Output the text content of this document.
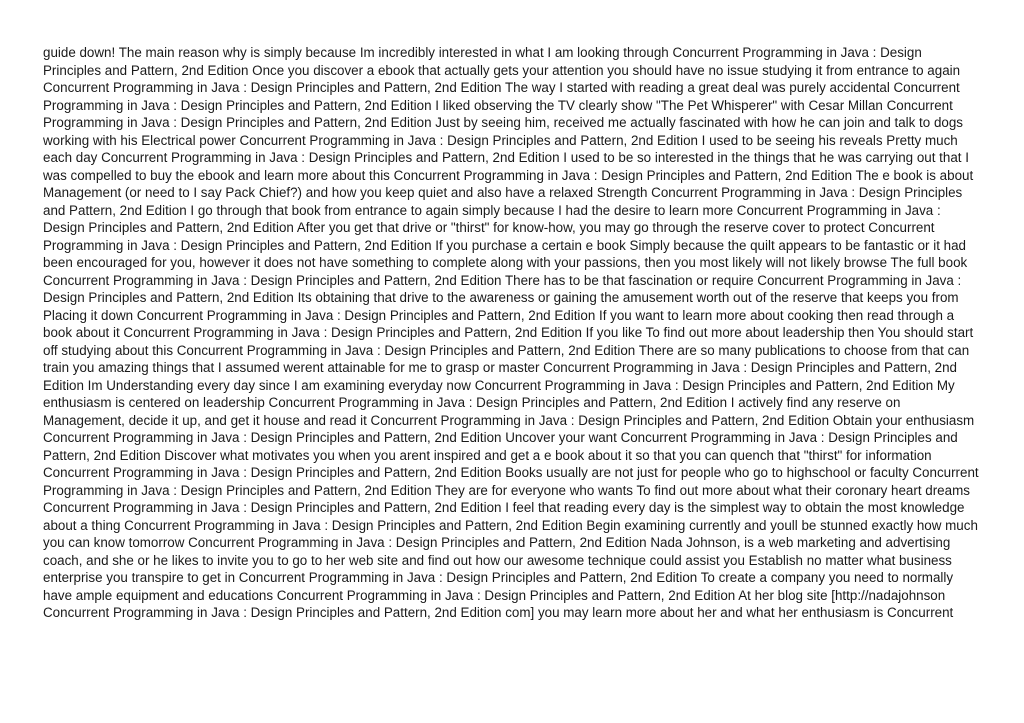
guide down! The main reason why is simply because Im incredibly interested in what I am looking through Concurrent Programming in Java : Design Principles and Pattern, 2nd Edition Once you discover a ebook that actually gets your attention you should have no issue studying it from entrance to again Concurrent Programming in Java : Design Principles and Pattern, 2nd Edition The way I started with reading a great deal was purely accidental Concurrent Programming in Java : Design Principles and Pattern, 2nd Edition I liked observing the TV clearly show "The Pet Whisperer" with Cesar Millan Concurrent Programming in Java : Design Principles and Pattern, 2nd Edition Just by seeing him, received me actually fascinated with how he can join and talk to dogs working with his Electrical power Concurrent Programming in Java : Design Principles and Pattern, 2nd Edition I used to be seeing his reveals Pretty much each day Concurrent Programming in Java : Design Principles and Pattern, 2nd Edition I used to be so interested in the things that he was carrying out that I was compelled to buy the ebook and learn more about this Concurrent Programming in Java : Design Principles and Pattern, 2nd Edition The e book is about Management (or need to I say Pack Chief?) and how you keep quiet and also have a relaxed Strength Concurrent Programming in Java : Design Principles and Pattern, 2nd Edition I go through that book from entrance to again simply because I had the desire to learn more Concurrent Programming in Java : Design Principles and Pattern, 2nd Edition After you get that drive or "thirst" for know-how, you may go through the reserve cover to protect Concurrent Programming in Java : Design Principles and Pattern, 2nd Edition If you purchase a certain e book Simply because the quilt appears to be fantastic or it had been encouraged for you, however it does not have something to complete along with your passions, then you most likely will not likely browse The full book Concurrent Programming in Java : Design Principles and Pattern, 2nd Edition There has to be that fascination or require Concurrent Programming in Java : Design Principles and Pattern, 2nd Edition Its obtaining that drive to the awareness or gaining the amusement worth out of the reserve that keeps you from Placing it down Concurrent Programming in Java : Design Principles and Pattern, 2nd Edition If you want to learn more about cooking then read through a book about it Concurrent Programming in Java : Design Principles and Pattern, 2nd Edition If you like To find out more about leadership then You should start off studying about this Concurrent Programming in Java : Design Principles and Pattern, 2nd Edition There are so many publications to choose from that can train you amazing things that I assumed werent attainable for me to grasp or master Concurrent Programming in Java : Design Principles and Pattern, 2nd Edition Im Understanding every day since I am examining everyday now Concurrent Programming in Java : Design Principles and Pattern, 2nd Edition My enthusiasm is centered on leadership Concurrent Programming in Java : Design Principles and Pattern, 2nd Edition I actively find any reserve on Management, decide it up, and get it house and read it Concurrent Programming in Java : Design Principles and Pattern, 2nd Edition Obtain your enthusiasm Concurrent Programming in Java : Design Principles and Pattern, 2nd Edition Uncover your want Concurrent Programming in Java : Design Principles and Pattern, 2nd Edition Discover what motivates you when you arent inspired and get a e book about it so that you can quench that "thirst" for information Concurrent Programming in Java : Design Principles and Pattern, 2nd Edition Books usually are not just for people who go to highschool or faculty Concurrent Programming in Java : Design Principles and Pattern, 2nd Edition They are for everyone who wants To find out more about what their coronary heart dreams Concurrent Programming in Java : Design Principles and Pattern, 2nd Edition I feel that reading every day is the simplest way to obtain the most knowledge about a thing Concurrent Programming in Java : Design Principles and Pattern, 2nd Edition Begin examining currently and youll be stunned exactly how much you can know tomorrow Concurrent Programming in Java : Design Principles and Pattern, 2nd Edition Nada Johnson, is a web marketing and advertising coach, and she or he likes to invite you to go to her web site and find out how our awesome technique could assist you Establish no matter what business enterprise you transpire to get in Concurrent Programming in Java : Design Principles and Pattern, 2nd Edition To create a company you need to normally have ample equipment and educations Concurrent Programming in Java : Design Principles and Pattern, 2nd Edition At her blog site [http://nadajohnson Concurrent Programming in Java : Design Principles and Pattern, 2nd Edition com] you may learn more about her and what her enthusiasm is Concurrent
